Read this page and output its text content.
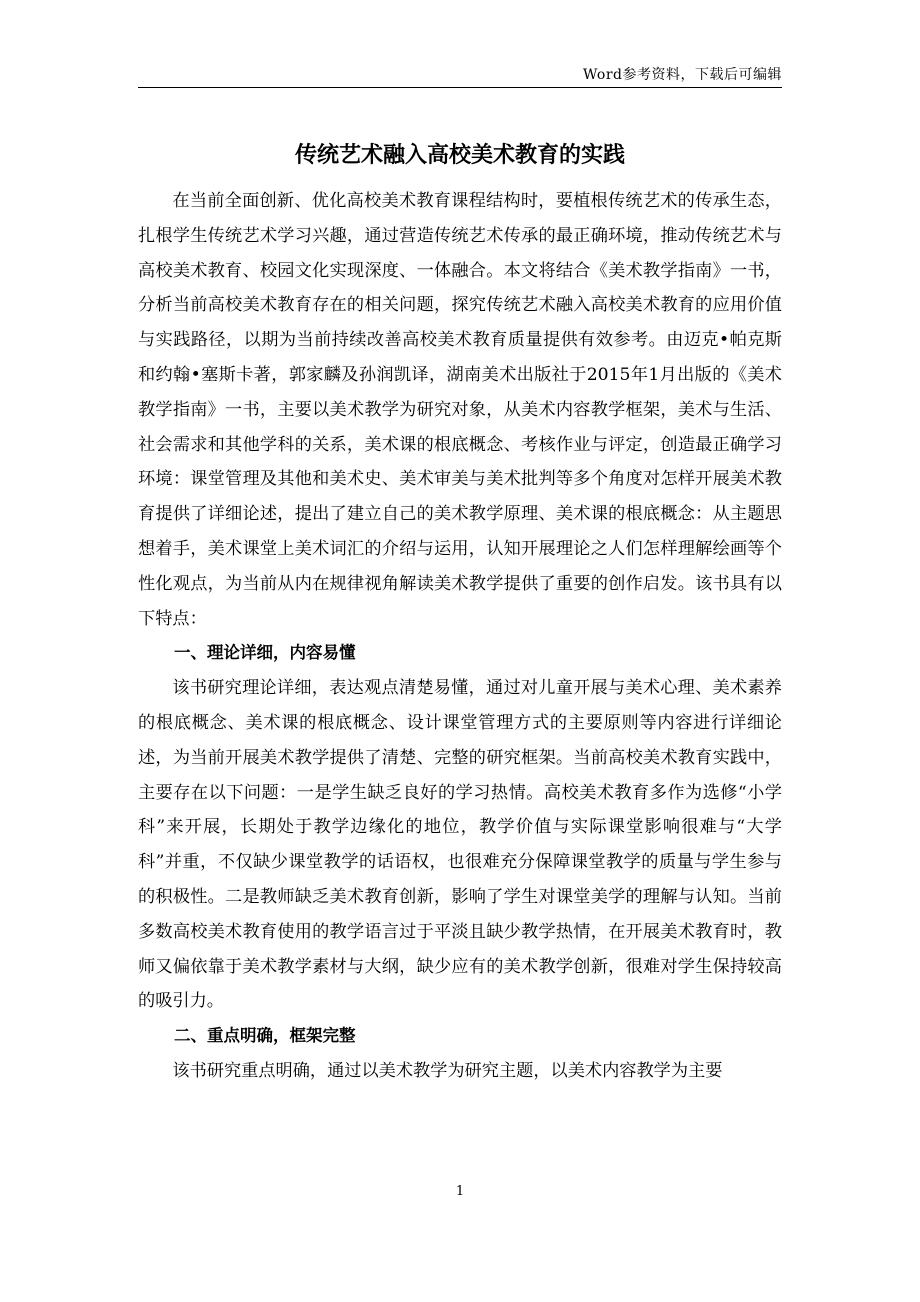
Word参考资料，下载后可编辑
传统艺术融入高校美术教育的实践

在当前全面创新、优化高校美术教育课程结构时，要植根传统艺术的传承生态，扎根学生传统艺术学习兴趣，通过营造传统艺术传承的最正确环境，推动传统艺术与高校美术教育、校园文化实现深度、一体融合。本文将结合《美术教学指南》一书，分析当前高校美术教育存在的相关问题，探究传统艺术融入高校美术教育的应用价值与实践路径，以期为当前持续改善高校美术教育质量提供有效参考。由迈克•帕克斯和约翰•塞斯卡著，郭家麟及孙润凯译，湖南美术出版社于2015年1月出版的《美术教学指南》一书，主要以美术教学为研究对象，从美术内容教学框架，美术与生活、社会需求和其他学科的关系，美术课的根底概念、考核作业与评定，创造最正确学习环境：课堂管理及其他和美术史、美术审美与美术批判等多个角度对怎样开展美术教育提供了详细论述，提出了建立自己的美术教学原理、美术课的根底概念：从主题思想着手，美术课堂上美术词汇的介绍与运用，认知开展理论之人们怎样理解绘画等个性化观点，为当前从内在规律视角解读美术教学提供了重要的创作启发。该书具有以下特点：

一、理论详细，内容易懂

该书研究理论详细，表达观点清楚易懂，通过对儿童开展与美术心理、美术素养的根底概念、美术课的根底概念、设计课堂管理方式的主要原则等内容进行详细论述，为当前开展美术教学提供了清楚、完整的研究框架。当前高校美术教育实践中，主要存在以下问题：一是学生缺乏良好的学习热情。高校美术教育多作为选修“小学科”来开展，长期处于教学边缘化的地位，教学价值与实际课堂影响很难与“大学科”并重，不仅缺少课堂教学的话语权，也很难充分保障课堂教学的质量与学生参与的积极性。二是教师缺乏美术教育创新，影响了学生对课堂美学的理解与认知。当前多数高校美术教育使用的教学语言过于平淡且缺少教学热情，在开展美术教育时，教师又偏依靠于美术教学素材与大纲，缺少应有的美术教学创新，很难对学生保持较高的吸引力。

二、重点明确，框架完整

该书研究重点明确，通过以美术教学为研究主题，以美术内容教学为主要

1
